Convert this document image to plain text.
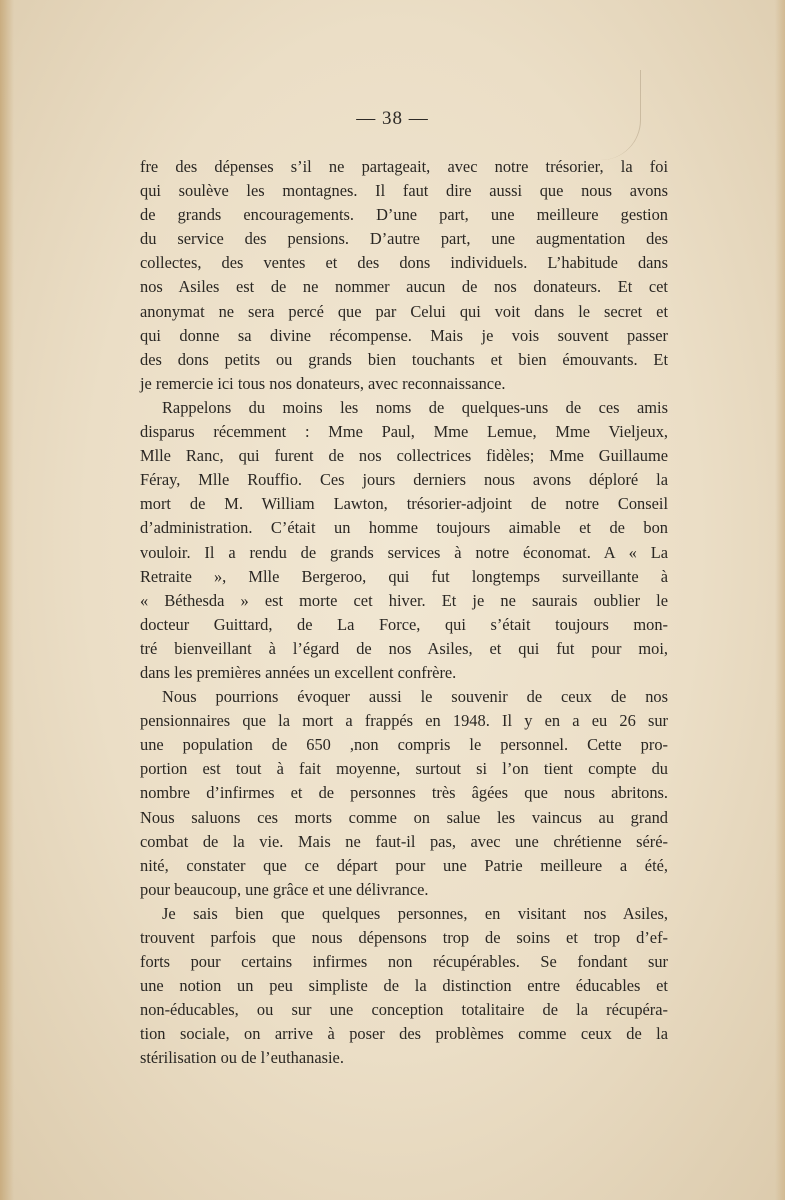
— 38 —

fre des dépenses s’il ne partageait, avec notre trésorier, la foi
qui soulève les montagnes. Il faut dire aussi que nous avons
de grands encouragements. D’une part, une meilleure gestion
du service des pensions. D’autre part, une augmentation des
collectes, des ventes et des dons individuels. L’habitude dans
nos Asiles est de ne nommer aucun de nos donateurs. Et cet
anonymat ne sera percé que par Celui qui voit dans le secret et
qui donne sa divine récompense. Mais je vois souvent passer
des dons petits ou grands bien touchants et bien émouvants. Et
je remercie ici tous nos donateurs, avec reconnaissance.

Rappelons du moins les noms de quelques-uns de ces amis
disparus récemment : Mme Paul, Mme Lemue, Mme Vieljeux,
Mlle Ranc, qui furent de nos collectrices fidèles; Mme Guillaume
Féray, Mlle Rouffio. Ces jours derniers nous avons déploré la
mort de M. William Lawton, trésorier-adjoint de notre Conseil
d’administration. C’était un homme toujours aimable et de bon
vouloir. Il a rendu de grands services à notre économat. A « La
Retraite », Mlle Bergeroo, qui fut longtemps surveillante à
« Béthesda » est morte cet hiver. Et je ne saurais oublier le
docteur Guittard, de La Force, qui s’était toujours mon-
tré bienveillant à l’égard de nos Asiles, et qui fut pour moi,
dans les premières années un excellent confrère.

Nous pourrions évoquer aussi le souvenir de ceux de nos
pensionnaires que la mort a frappés en 1948. Il y en a eu 26 sur
une population de 650 ,non compris le personnel. Cette pro-
portion est tout à fait moyenne, surtout si l’on tient compte du
nombre d’infirmes et de personnes très âgées que nous abritons.
Nous saluons ces morts comme on salue les vaincus au grand
combat de la vie. Mais ne faut-il pas, avec une chrétienne séré-
nité, constater que ce départ pour une Patrie meilleure a été,
pour beaucoup, une grâce et une délivrance.

Je sais bien que quelques personnes, en visitant nos Asiles,
trouvent parfois que nous dépensons trop de soins et trop d’ef-
forts pour certains infirmes non récupérables. Se fondant sur
une notion un peu simpliste de la distinction entre éducables et
non-éducables, ou sur une conception totalitaire de la récupéra-
tion sociale, on arrive à poser des problèmes comme ceux de la
stérilisation ou de l’euthanasie.
